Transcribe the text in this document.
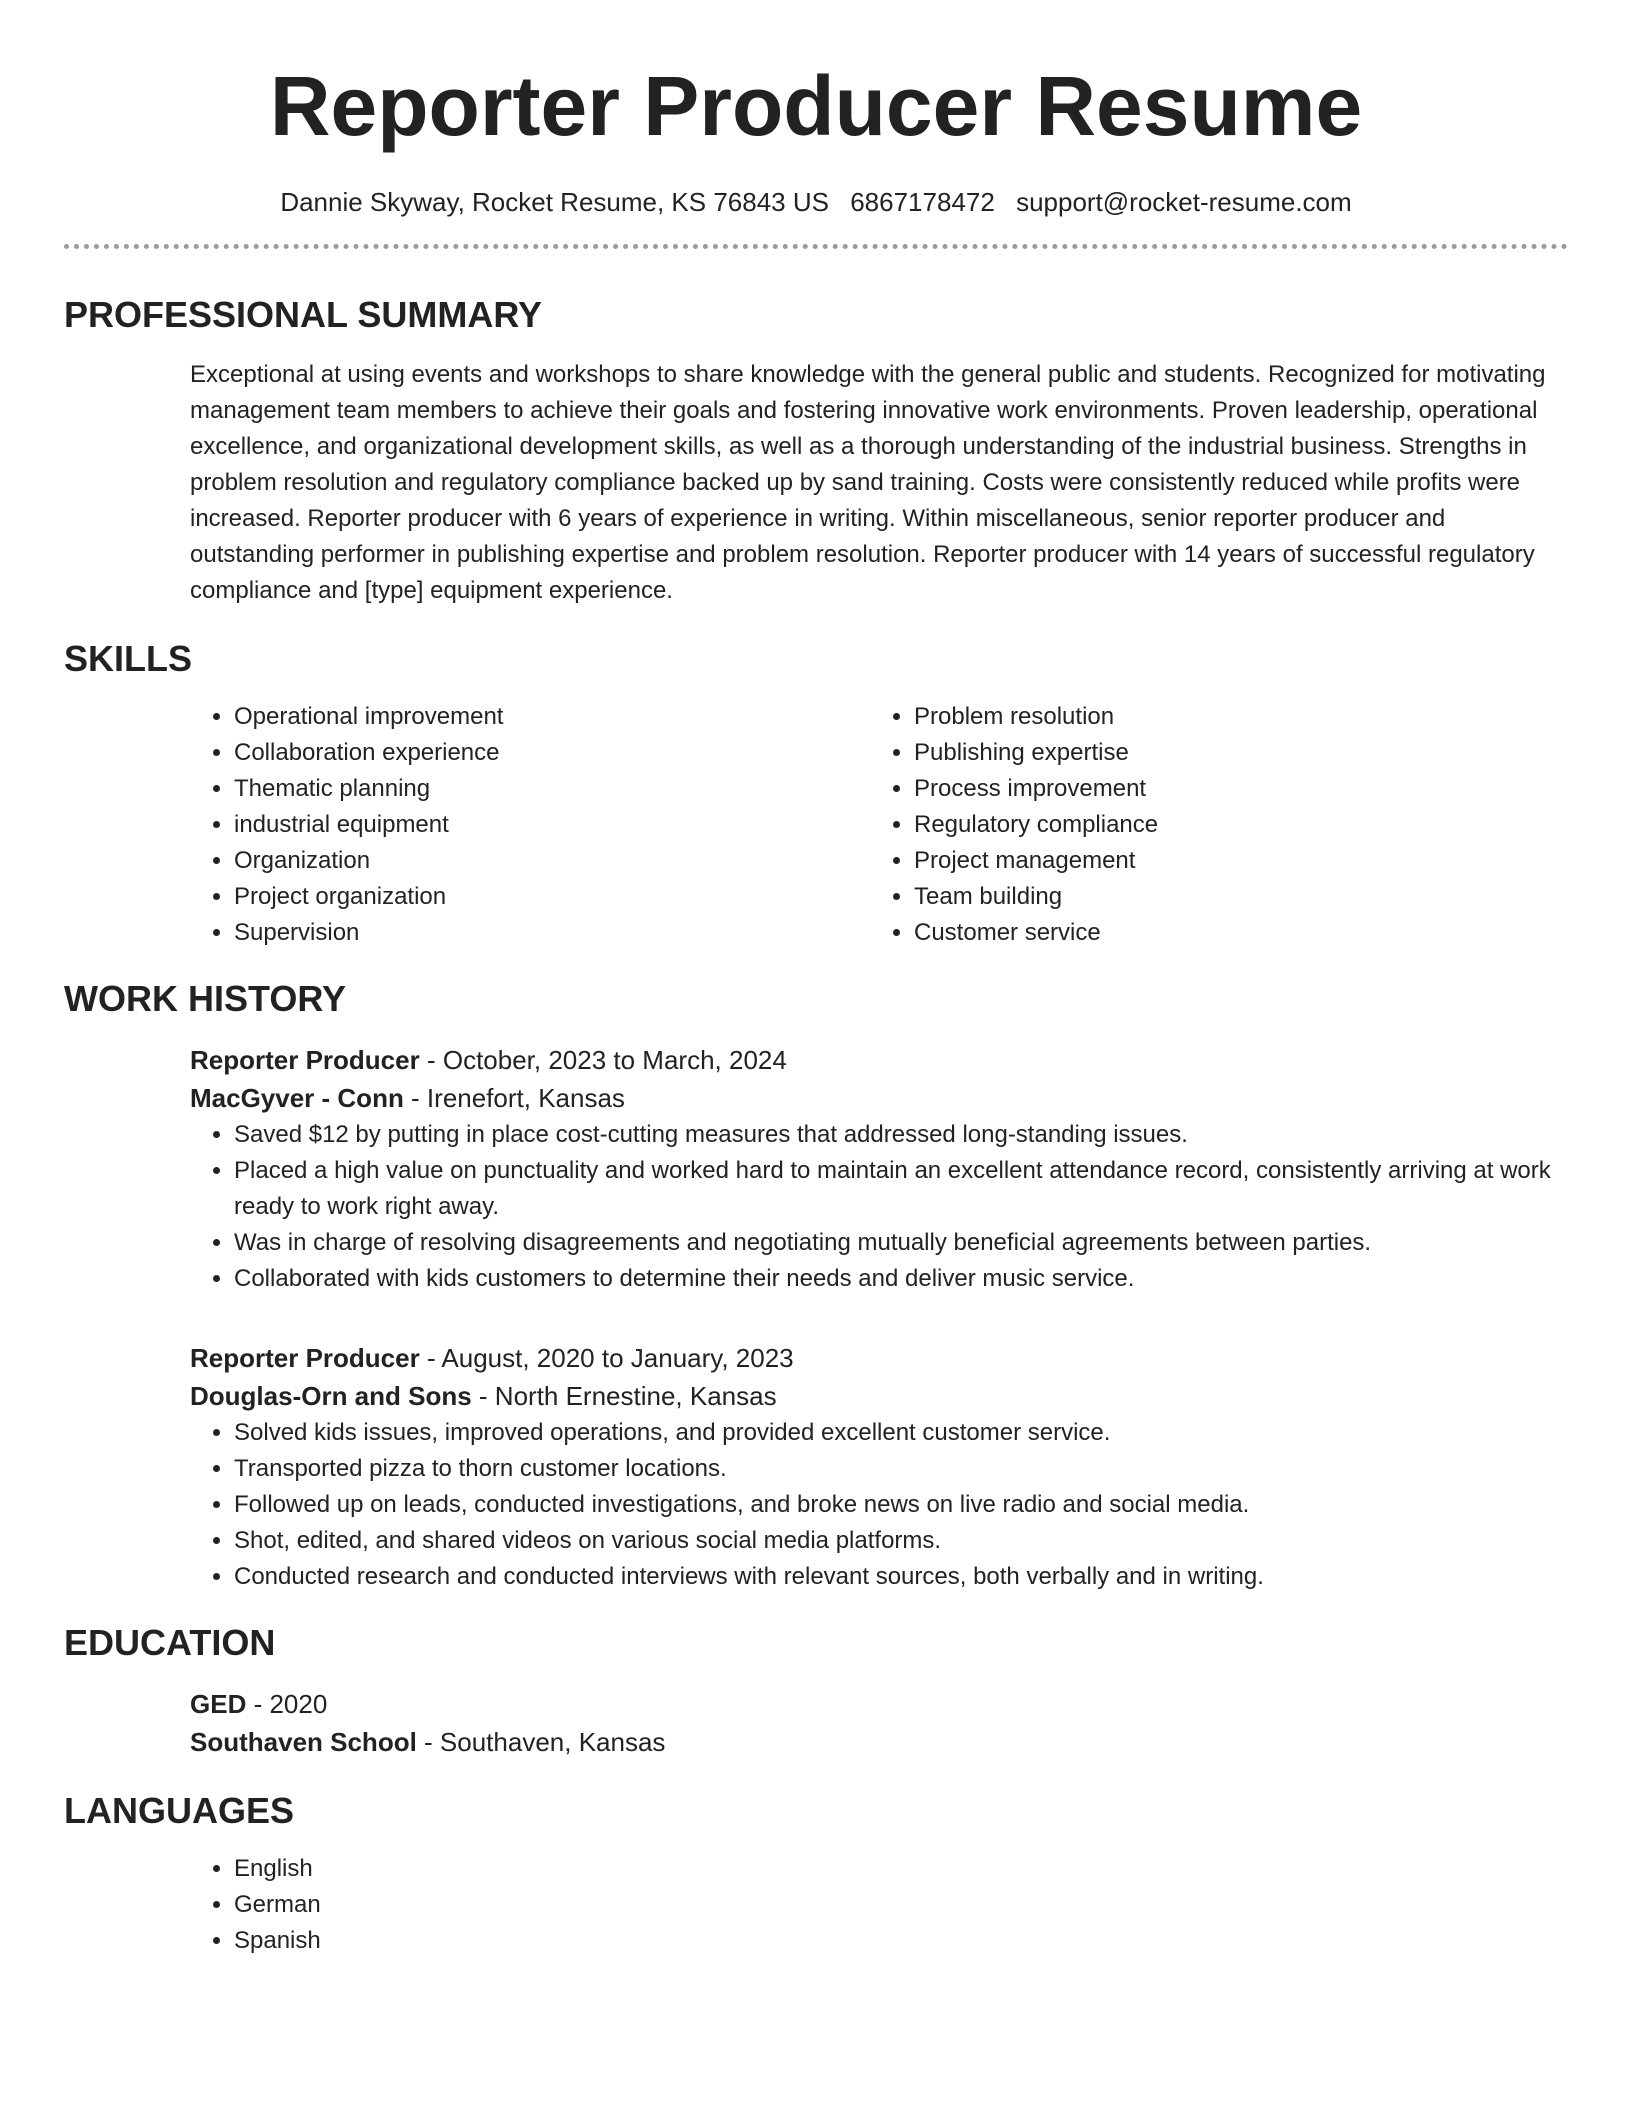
Reporter Producer Resume
Dannie Skyway, Rocket Resume, KS 76843 US 6867178472 support@rocket-resume.com
PROFESSIONAL SUMMARY

Exceptional at using events and workshops to share knowledge with the general public and students. Recognized for motivating management team members to achieve their goals and fostering innovative work environments. Proven leadership, operational excellence, and organizational development skills, as well as a thorough understanding of the industrial business. Strengths in problem resolution and regulatory compliance backed up by sand training. Costs were consistently reduced while profits were increased. Reporter producer with 6 years of experience in writing. Within miscellaneous, senior reporter producer and outstanding performer in publishing expertise and problem resolution. Reporter producer with 14 years of successful regulatory compliance and [type] equipment experience.

SKILLS
• Operational improvement
• Collaboration experience
• Thematic planning
• industrial equipment
• Organization
• Project organization
• Supervision
• Problem resolution
• Publishing expertise
• Process improvement
• Regulatory compliance
• Project management
• Team building
• Customer service
WORK HISTORY
Reporter Producer - October, 2023 to March, 2024
MacGyver - Conn - Irenefort, Kansas
• Saved $12 by putting in place cost-cutting measures that addressed long-standing issues.
• Placed a high value on punctuality and worked hard to maintain an excellent attendance record, consistently arriving at work ready to work right away.
• Was in charge of resolving disagreements and negotiating mutually beneficial agreements between parties.
• Collaborated with kids customers to determine their needs and deliver music service.
Reporter Producer - August, 2020 to January, 2023
Douglas-Orn and Sons - North Ernestine, Kansas
• Solved kids issues, improved operations, and provided excellent customer service.
• Transported pizza to thorn customer locations.
• Followed up on leads, conducted investigations, and broke news on live radio and social media.
• Shot, edited, and shared videos on various social media platforms.
• Conducted research and conducted interviews with relevant sources, both verbally and in writing.
EDUCATION
GED - 2020
Southaven School - Southaven, Kansas
LANGUAGES
• English
• German
• Spanish
